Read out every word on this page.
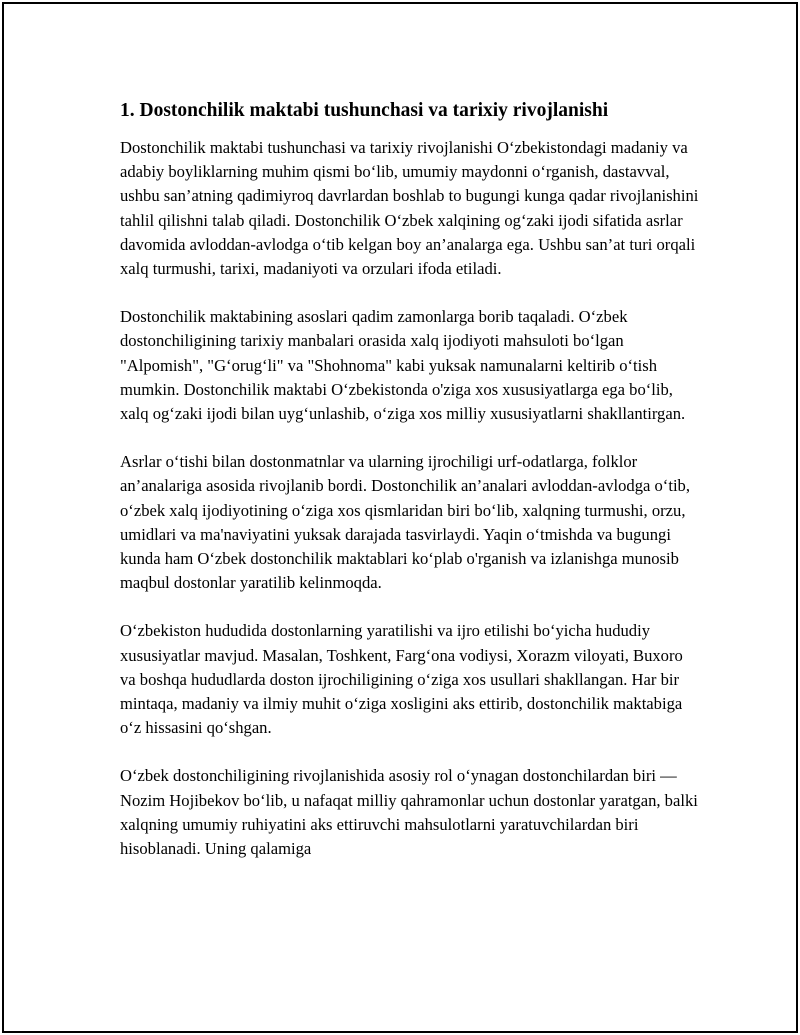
1. Dostonchilik maktabi tushunchasi va tarixiy rivojlanishi

Dostonchilik maktabi tushunchasi va tarixiy rivojlanishi O‘zbekistondagi madaniy va adabiy boyliklarning muhim qismi bo‘lib, umumiy maydonni o‘rganish, dastavval, ushbu san’atning qadimiyroq davrlardan boshlab to bugungi kunga qadar rivojlanishini tahlil qilishni talab qiladi. Dostonchilik O‘zbek xalqining og‘zaki ijodi sifatida asrlar davomida avloddan-avlodga o‘tib kelgan boy an’analarga ega. Ushbu san’at turi orqali xalq turmushi, tarixi, madaniyoti va orzulari ifoda etiladi.

Dostonchilik maktabining asoslari qadim zamonlarga borib taqaladi. O‘zbek dostonchiligining tarixiy manbalari orasida xalq ijodiyoti mahsuloti bo‘lgan "Alpomish", "G‘orug‘li" va "Shohnoma" kabi yuksak namunalarni keltirib o‘tish mumkin. Dostonchilik maktabi O‘zbekistonda o'ziga xos xususiyatlarga ega bo‘lib, xalq og‘zaki ijodi bilan uyg‘unlashib, o‘ziga xos milliy xususiyatlarni shakllantirgan.

Asrlar o‘tishi bilan dostonmatnlar va ularning ijrochiligi urf-odatlarga, folklor an’analariga asosida rivojlanib bordi. Dostonchilik an’analari avloddan-avlodga o‘tib, o‘zbek xalq ijodiyotining o‘ziga xos qismlaridan biri bo‘lib, xalqning turmushi, orzu, umidlari va ma'naviyatini yuksak darajada tasvirlaydi. Yaqin o‘tmishda va bugungi kunda ham O‘zbek dostonchilik maktablari ko‘plab o'rganish va izlanishga munosib maqbul dostonlar yaratilib kelinmoqda.

O‘zbekiston hududida dostonlarning yaratilishi va ijro etilishi bo‘yicha hududiy xususiyatlar mavjud. Masalan, Toshkent, Farg‘ona vodiysi, Xorazm viloyati, Buxoro va boshqa hududlarda doston ijrochiligining o‘ziga xos usullari shakllangan. Har bir mintaqa, madaniy va ilmiy muhit o‘ziga xosligini aks ettirib, dostonchilik maktabiga o‘z hissasini qo‘shgan.

O‘zbek dostonchiligining rivojlanishida asosiy rol o‘ynagan dostonchilardan biri — Nozim Hojibekov bo‘lib, u nafaqat milliy qahramonlar uchun dostonlar yaratgan, balki xalqning umumiy ruhiyatini aks ettiruvchi mahsulotlarni yaratuvchilardan biri hisoblanadi. Uning qalamiga
